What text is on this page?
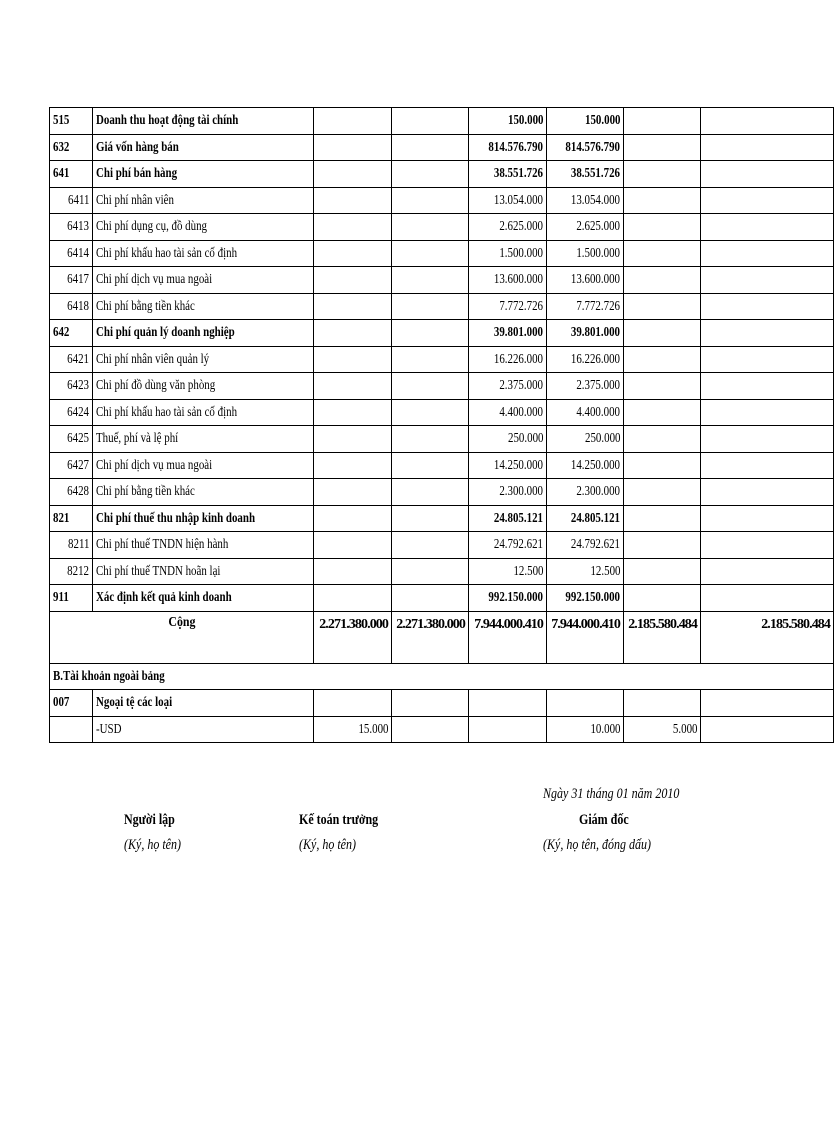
515	Doanh thu hoạt động tài chính			150.000	150.000		
632	Giá vốn hàng bán			814.576.790	814.576.790		
641	Chi phí bán hàng			38.551.726	38.551.726		
6411	Chi phí nhân viên			13.054.000	13.054.000		
6413	Chi phí dụng cụ, đồ dùng			2.625.000	2.625.000		
6414	Chi phí khấu hao tài sản cố định			1.500.000	1.500.000		
6417	Chi phí dịch vụ mua ngoài			13.600.000	13.600.000		
6418	Chi phí bằng tiền khác			7.772.726	7.772.726		
642	Chi phí quản lý doanh nghiệp			39.801.000	39.801.000		
6421	Chi phí nhân viên quản lý			16.226.000	16.226.000		
6423	Chi phí đồ dùng văn phòng			2.375.000	2.375.000		
6424	Chi phí khấu hao tài sản cố định			4.400.000	4.400.000		
6425	Thuế, phí và lệ phí			250.000	250.000		
6427	Chi phí dịch vụ mua ngoài			14.250.000	14.250.000		
6428	Chi phí bằng tiền khác			2.300.000	2.300.000		
821	Chi phí thuế thu nhập kinh doanh			24.805.121	24.805.121		
8211	Chi phí thuế TNDN hiện hành			24.792.621	24.792.621		
8212	Chi phí thuế TNDN hoãn lại			12.500	12.500		
911	Xác định kết quả kinh doanh			992.150.000	992.150.000		
Cộng		2.271.380.000	2.271.380.000	7.944.000.410	7.944.000.410	2.185.580.484	2.185.580.484
B.Tài khoản ngoài bảng							
007	Ngoại tệ các loại						
	-USD	15.000			10.000	5.000	
Ngày 31 tháng 01 năm 2010
Người lập
(Ký, họ tên)
Kế toán trưởng
(Ký, họ tên)
Giám đốc
(Ký, họ tên, đóng dấu)
